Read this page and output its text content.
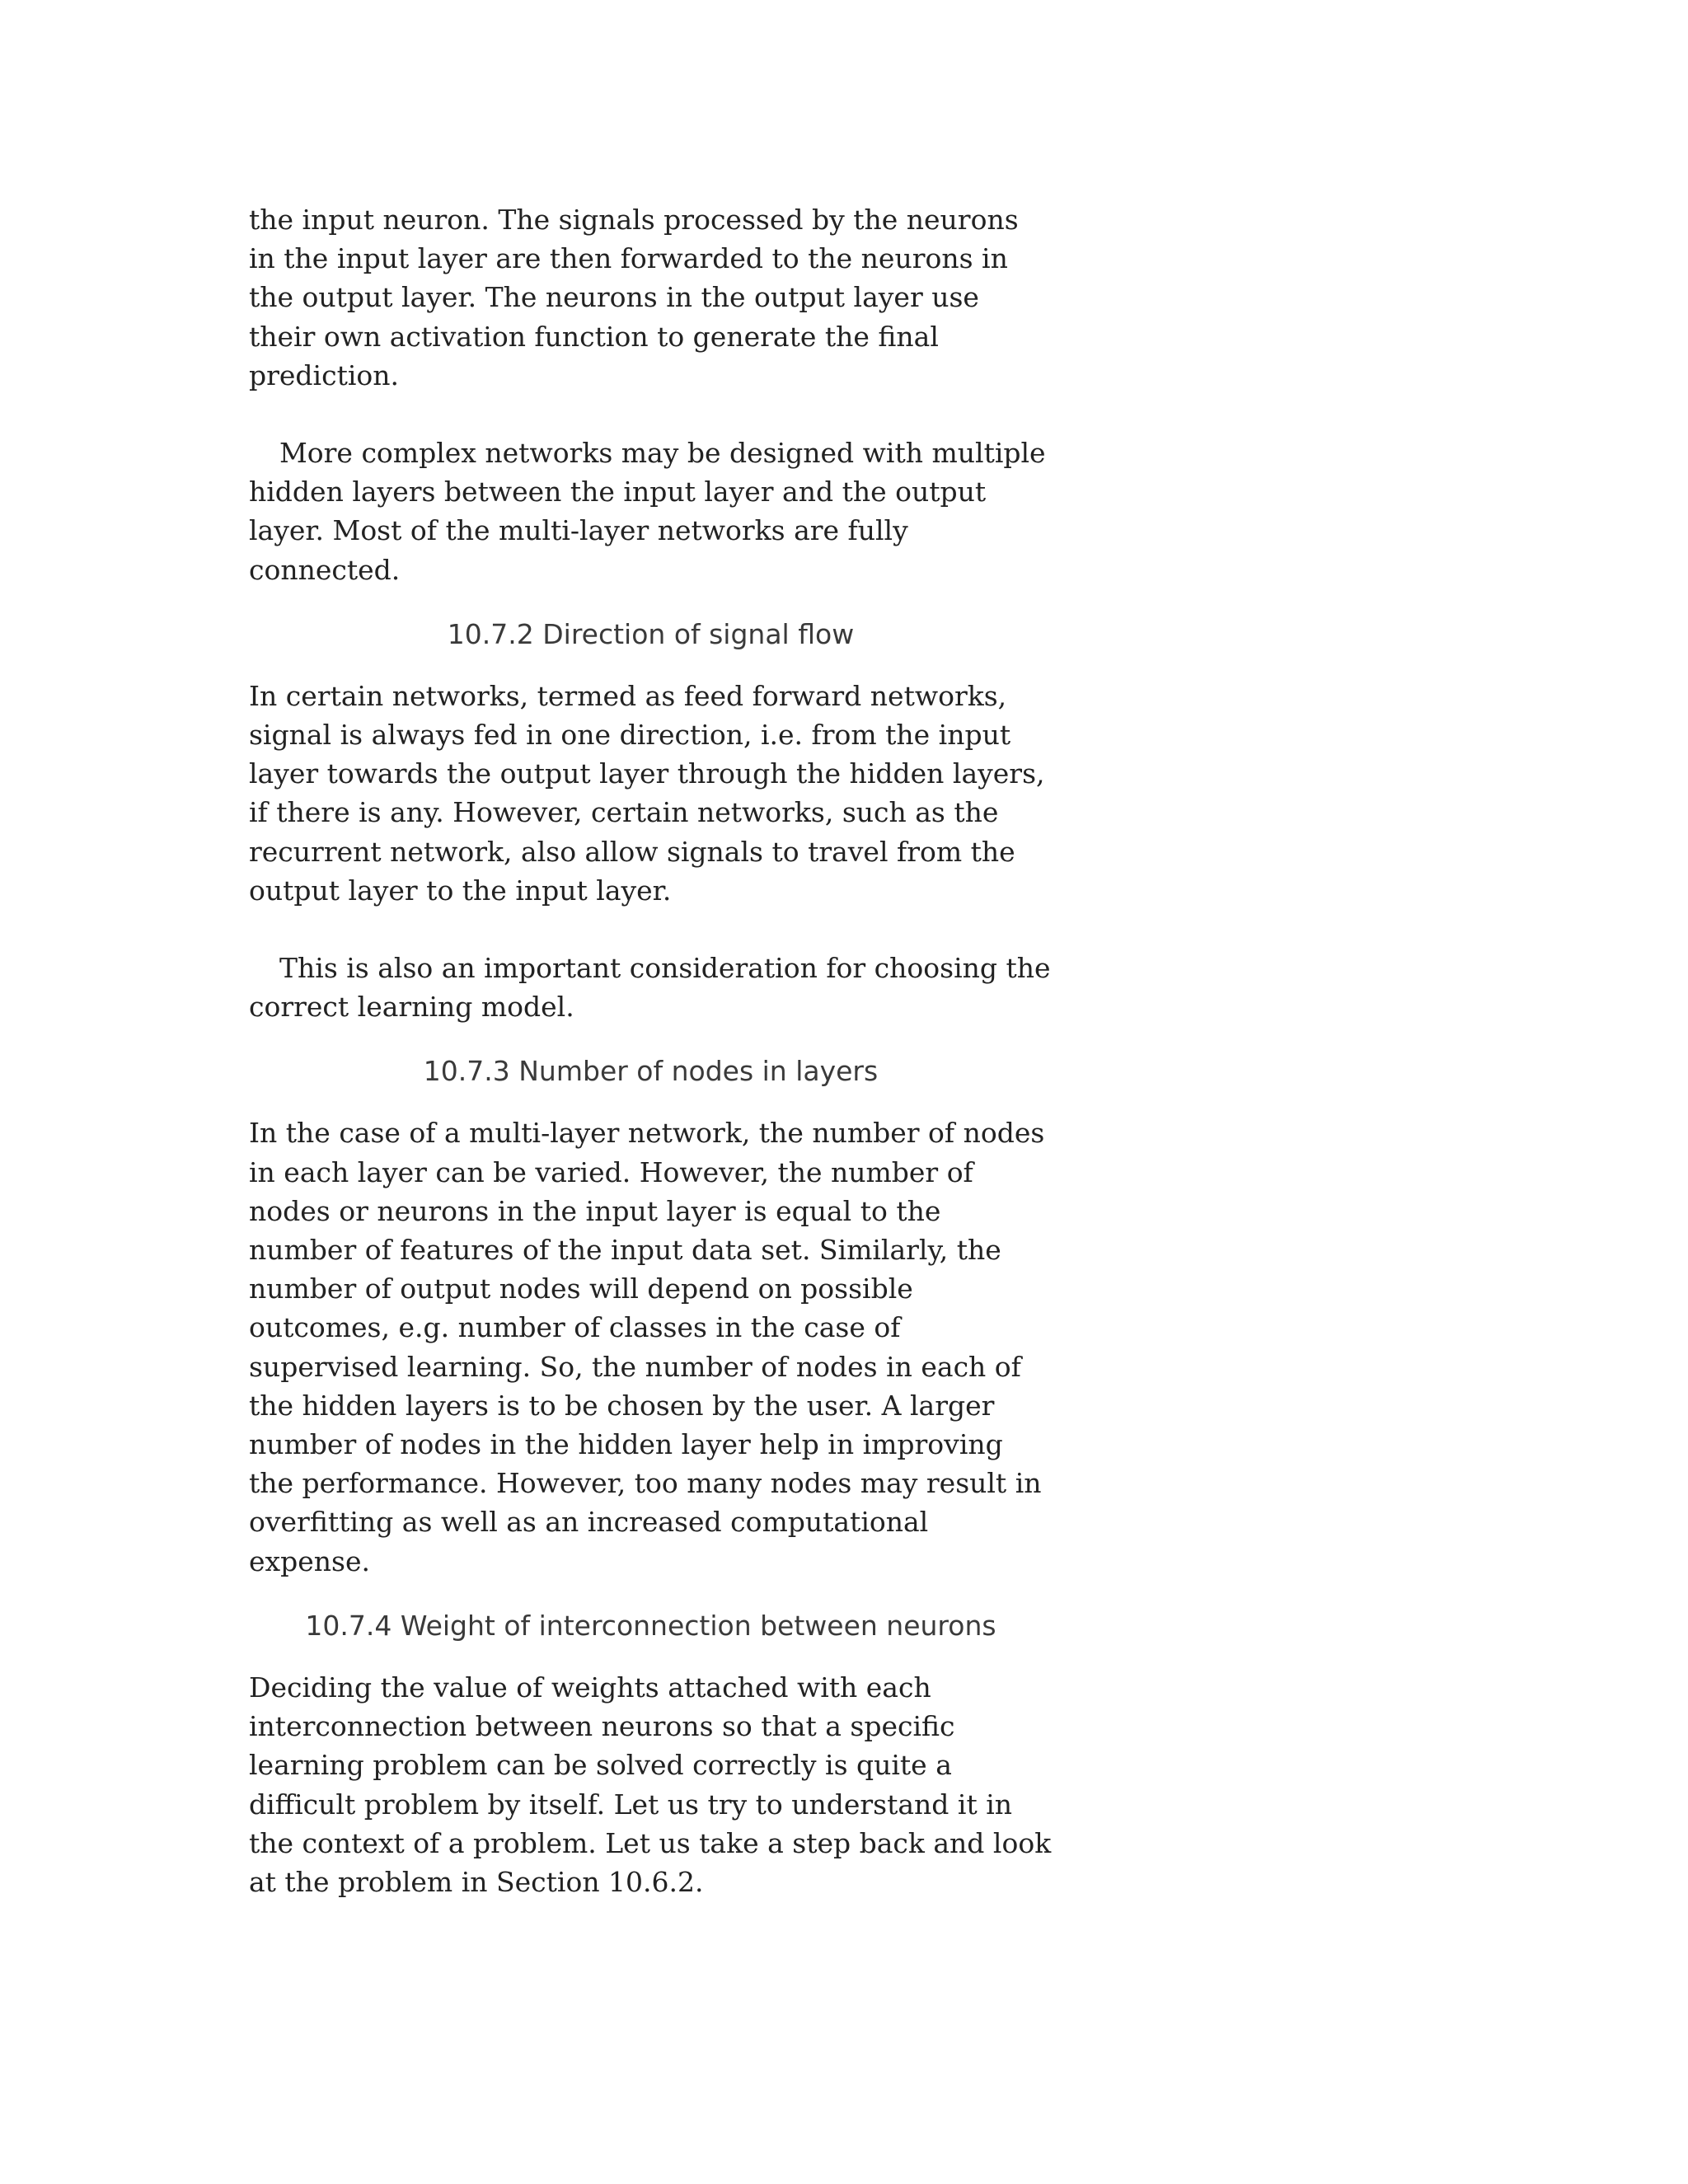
the input neuron. The signals processed by the neurons in the input layer are then forwarded to the neurons in the output layer. The neurons in the output layer use their own activation function to generate the final prediction.

More complex networks may be designed with multiple hidden layers between the input layer and the output layer. Most of the multi-layer networks are fully connected.

10.7.2 Direction of signal flow

In certain networks, termed as feed forward networks, signal is always fed in one direction, i.e. from the input layer towards the output layer through the hidden layers, if there is any. However, certain networks, such as the recurrent network, also allow signals to travel from the output layer to the input layer.

This is also an important consideration for choosing the correct learning model.

10.7.3 Number of nodes in layers

In the case of a multi-layer network, the number of nodes in each layer can be varied. However, the number of nodes or neurons in the input layer is equal to the number of features of the input data set. Similarly, the number of output nodes will depend on possible outcomes, e.g. number of classes in the case of supervised learning. So, the number of nodes in each of the hidden layers is to be chosen by the user. A larger number of nodes in the hidden layer help in improving the performance. However, too many nodes may result in overfitting as well as an increased computational expense.

10.7.4 Weight of interconnection between neurons

Deciding the value of weights attached with each interconnection between neurons so that a specific learning problem can be solved correctly is quite a difficult problem by itself. Let us try to understand it in the context of a problem. Let us take a step back and look at the problem in Section 10.6.2.
